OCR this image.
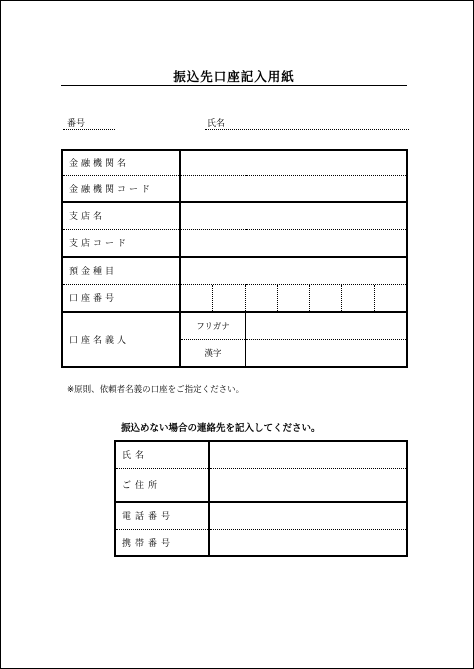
振込先口座記入用紙
番号	氏名
金融機関名		
金融機関コード		
支店名		
支店コード		
預金種目		
口座番号		

口座名義人	フリガナ	
	漢字	
※原則、依頼者名義の口座をご指定ください。
振込めない場合の連絡先を記入してください。
氏名	

ご住所	
電話番号	
携帯番号	
